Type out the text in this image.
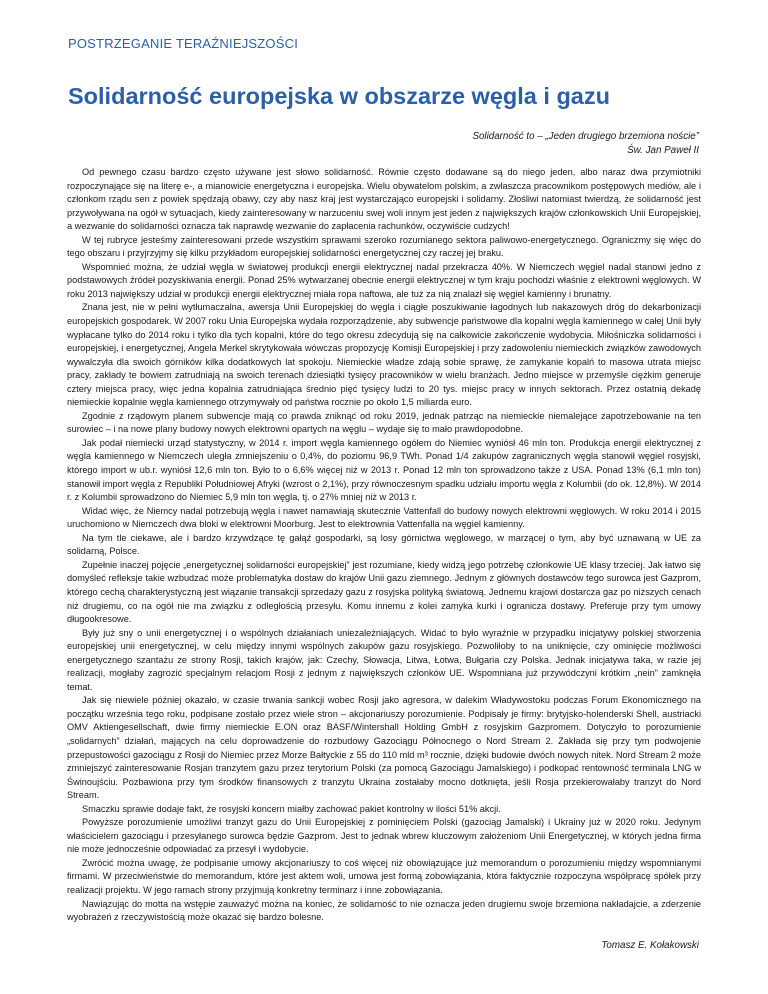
POSTRZEGANIE TERAŹNIEJSZOŚCI
Solidarność europejska w obszarze węgla i gazu
Solidarność to – „Jeden drugiego brzemiona noście”
Św. Jan Paweł II

Od pewnego czasu bardzo często używane jest słowo solidarność. Równie często dodawane są do niego jeden, albo naraz dwa przymiotniki rozpoczynające się na literę e-, a mianowicie energetyczna i europejska. Wielu obywatelom polskim, a zwłaszcza pracownikom postępowych mediów, ale i członkom rządu sen z powiek spędzają obawy, czy aby nasz kraj jest wystarczająco europejski i solidarny. Złośliwi natomiast twierdzą, że solidarność jest przywoływana na ogół w sytuacjach, kiedy zainteresowany w narzuceniu swej woli innym jest jeden z największych krajów członkowskich Unii Europejskiej, a wezwanie do solidarności oznacza tak naprawdę wezwanie do zapłacenia rachunków, oczywiście cudzych!

W tej rubryce jesteśmy zainteresowani przede wszystkim sprawami szeroko rozumianego sektora paliwowo-energetycznego. Ograniczmy się więc do tego obszaru i przyjrzyjmy się kilku przykładom europejskiej solidarności energetycznej czy raczej jej braku.

Wspomnieć można, że udział węgla w światowej produkcji energii elektrycznej nadal przekracza 40%. W Niemczech węgiel nadal stanowi jedno z podstawowych źródeł pozyskiwania energii. Ponad 25% wytwarzanej obecnie energii elektrycznej w tym kraju pochodzi właśnie z elektrowni węglowych. W roku 2013 największy udział w produkcji energii elektrycznej miała ropa naftowa, ale tuż za nią znalazł się węgiel kamienny i brunatny.

Znana jest, nie w pełni wytłumaczalna, awersja Unii Europejskiej do węgla i ciągłe poszukiwanie łagodnych lub nakazowych dróg do dekarbonizacji europejskich gospodarek. W 2007 roku Unia Europejska wydała rozporządzenie, aby subwencje państwowe dla kopalni węgla kamiennego w całej Unii były wypłacane tylko do 2014 roku i tylko dla tych kopalni, które do tego okresu zdecydują się na całkowicie zakończenie wydobycia. Miłośniczka solidarności i europejskiej, i energetycznej, Angela Merkel skrytykowała wówczas propozycję Komisji Europejskiej i przy zadowoleniu niemieckich związków zawodowych wywalczyła dla swoich górników kilka dodatkowych lat spokoju. Niemieckie władze zdają sobie sprawę, że zamykanie kopalń to masowa utrata miejsc pracy, zakłady te bowiem zatrudniają na swoich terenach dziesiątki tysięcy pracowników w wielu branżach. Jedno miejsce w przemyśle ciężkim generuje cztery miejsca pracy, więc jedna kopalnia zatrudniająca średnio pięć tysięcy ludzi to 20 tys. miejsc pracy w innych sektorach. Przez ostatnią dekadę niemieckie kopalnie węgla kamiennego otrzymywały od państwa rocznie po około 1,5 miliarda euro.

Zgodnie z rządowym planem subwencje mają co prawda zniknąć od roku 2019, jednak patrząc na niemieckie niemalejące zapotrzebowanie na ten surowiec – i na nowe plany budowy nowych elektrowni opartych na węglu – wydaje się to mało prawdopodobne.

Jak podał niemiecki urząd statystyczny, w 2014 r. import węgla kamiennego ogółem do Niemiec wyniósł 46 mln ton. Produkcja energii elektrycznej z węgla kamiennego w Niemczech uległa zmniejszeniu o 0,4%, do poziomu 96,9 TWh. Ponad 1/4 zakupów zagranicznych węgla stanowił węgiel rosyjski, którego import w ub.r. wyniósł 12,6 mln ton. Było to o 6,6% więcej niż w 2013 r. Ponad 12 mln ton sprowadzono także z USA. Ponad 13% (6,1 mln ton) stanowił import węgla z Republiki Południowej Afryki (wzrost o 2,1%), przy równoczesnym spadku udziału importu węgla z Kolumbii (do ok. 12,8%). W 2014 r. z Kolumbii sprowadzono do Niemiec 5,9 mln ton węgla, tj. o 27% mniej niż w 2013 r.

Widać więc, że Niemcy nadal potrzebują węgla i nawet namawiają skutecznie Vattenfall do budowy nowych elektrowni węglowych. W roku 2014 i 2015 uruchomiono w Niemczech dwa bloki w elektrowni Moorburg. Jest to elektrownia Vattenfalla na węgiel kamienny.

Na tym tle ciekawe, ale i bardzo krzywdzące tę gałąź gospodarki, są losy górnictwa węglowego, w marzącej o tym, aby być uznawaną w UE za solidarną, Polsce.

Zupełnie inaczej pojęcie „energetycznej solidarności europejskiej” jest rozumiane, kiedy widzą jego potrzebę członkowie UE klasy trzeciej. Jak łatwo się domyśleć refleksje takie wzbudzać może problematyka dostaw do krajów Unii gazu ziemnego. Jednym z głównych dostawców tego surowca jest Gazprom, którego cechą charakterystyczną jest wiązanie transakcji sprzedaży gazu z rosyjska polityką światową. Jednemu krajowi dostarcza gaz po niższych cenach niż drugiemu, co na ogół nie ma związku z odległością przesyłu. Komu innemu z kolei zamyka kurki i ogranicza dostawy. Preferuje przy tym umowy długookresowe.

Były już sny o unii energetycznej i o wspólnych działaniach uniezależniających. Widać to było wyraźnie w przypadku inicjatywy polskiej stworzenia europejskiej unii energetycznej, w celu między innymi wspólnych zakupów gazu rosyjskiego. Pozwoliłoby to na uniknięcie, czy ominięcie możliwości energetycznego szantażu ze strony Rosji, takich krajów, jak: Czechy, Słowacja, Litwa, Łotwa, Bułgaria czy Polska. Jednak inicjatywa taka, w razie jej realizacji, mogłaby zagrozić specjalnym relacjom Rosji z jednym z największych członków UE. Wspomniana już przywódczyni krótkim „nein” zamknęła temat.

Jak się niewiele później okazało, w czasie trwania sankcji wobec Rosji jako agresora, w dalekim Władywostoku podczas Forum Ekonomicznego na początku września tego roku, podpisane zostało przez wiele stron – akcjonariuszy porozumienie. Podpisały je firmy: brytyjsko-holenderski Shell, austriacki OMV Aktiengesellschaft, dwie firmy niemieckie E.ON oraz BASF/Wintershall Holding GmbH z rosyjskim Gazpromem. Dotyczyło to porozumienie „solidarnych” działań, mających na celu doprowadzenie do rozbudowy Gazociągu Północnego o Nord Stream 2. Zakłada się przy tym podwojenie przepustowości gazociągu z Rosji do Niemiec przez Morze Bałtyckie z 55 do 110 mld m³ rocznie, dzięki budowie dwóch nowych nitek. Nord Stream 2 może zmniejszyć zainteresowanie Rosjan tranzytem gazu przez terytorium Polski (za pomocą Gazociągu Jamalskiego) i podkopać rentowność terminala LNG w Świnoujściu. Pozbawiona przy tym środków finansowych z tranzytu Ukraina zostałaby mocno dotknięta, jeśli Rosja przekierowałaby tranzyt do Nord Stream.

Smaczku sprawie dodaje fakt, że rosyjski koncern miałby zachować pakiet kontrolny w ilości 51% akcji.

Powyższe porozumienie umożliwi tranzyt gazu do Unii Europejskiej z pominięciem Polski (gazociąg Jamalski) i Ukrainy już w 2020 roku. Jedynym właścicielem gazociągu i przesyłanego surowca będzie Gazprom. Jest to jednak wbrew kluczowym założeniom Unii Energetycznej, w których jedna firma nie może jednocześnie odpowiadać za przesył i wydobycie.

Zwrócić można uwagę, że podpisanie umowy akcjonariuszy to coś więcej niż obowiązujące już memorandum o porozumieniu między wspomnianymi firmami. W przeciwieństwie do memorandum, które jest aktem woli, umowa jest formą zobowiązania, która faktycznie rozpoczyna współpracę spółek przy realizacji projektu. W jego ramach strony przyjmują konkretny terminarz i inne zobowiązania.

Nawiązując do motta na wstępie zauważyć można na koniec, że solidarność to nie oznacza jeden drugiemu swoje brzemiona nakładajcie, a zderzenie wyobrażeń z rzeczywistością może okazać się bardzo bolesne.

Tomasz E. Kołakowski
